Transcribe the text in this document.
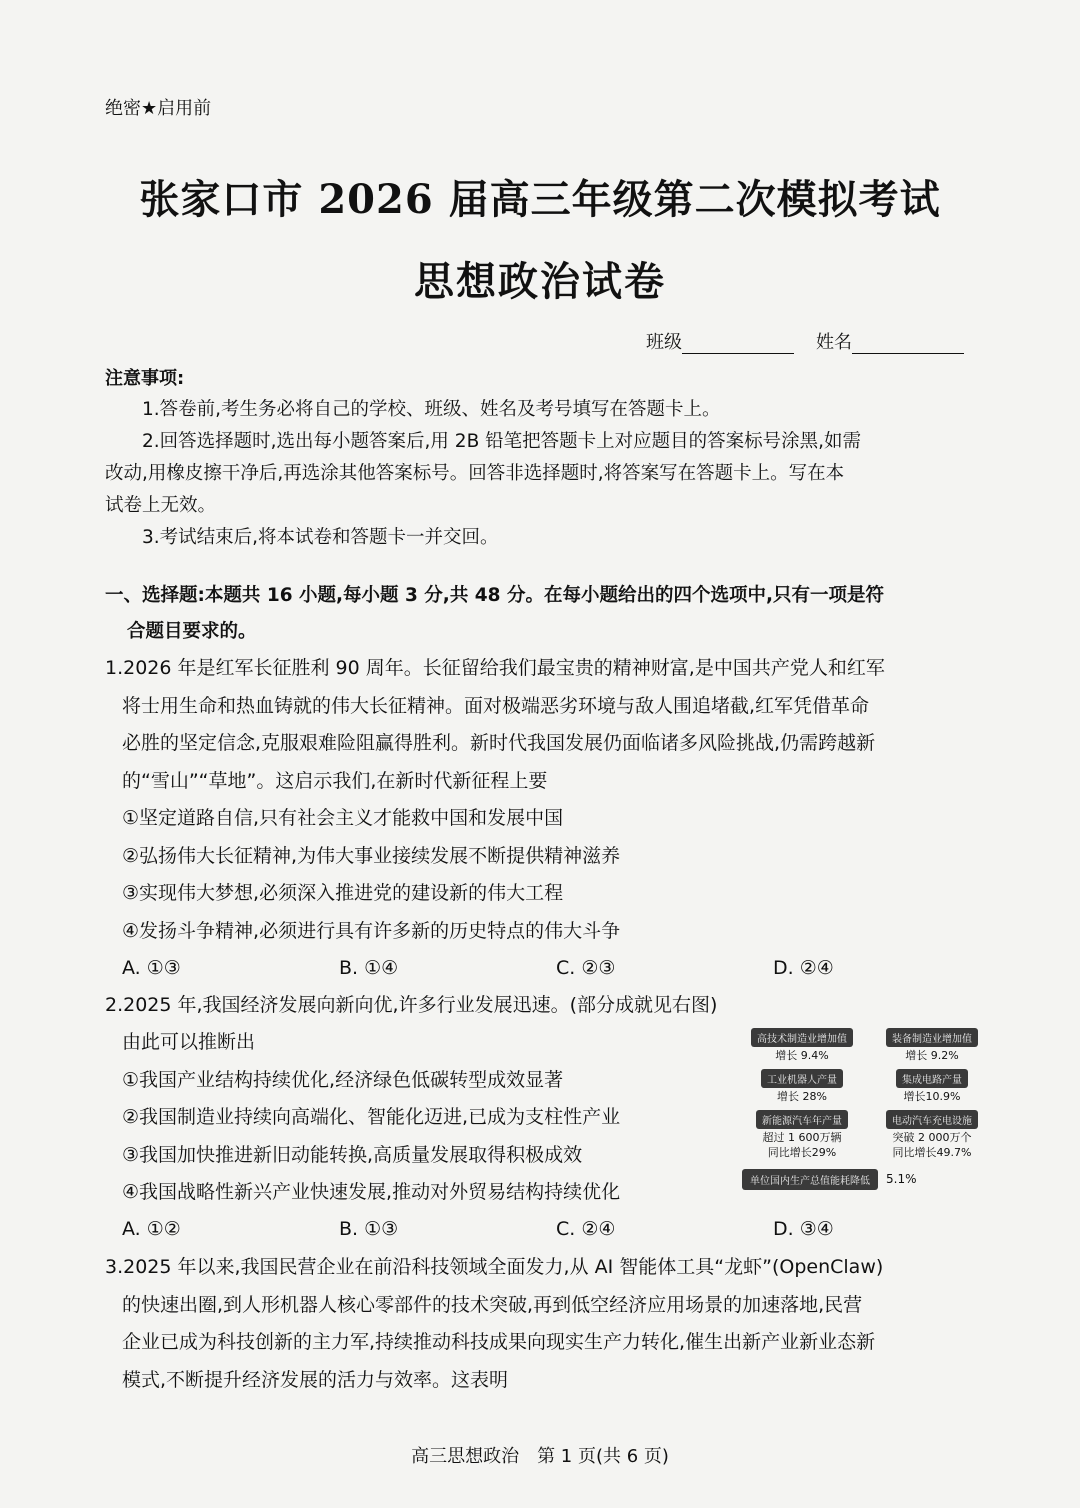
绝密★启用前
张家口市 2026 届高三年级第二次模拟考试
思想政治试卷
班级	姓名
注意事项:
1.答卷前,考生务必将自己的学校、班级、姓名及考号填写在答题卡上。
2.回答选择题时,选出每小题答案后,用 2B 铅笔把答题卡上对应题目的答案标号涂黑,如需
改动,用橡皮擦干净后,再选涂其他答案标号。回答非选择题时,将答案写在答题卡上。写在本
试卷上无效。
3.考试结束后,将本试卷和答题卡一并交回。
一、选择题:本题共 16 小题,每小题 3 分,共 48 分。在每小题给出的四个选项中,只有一项是符
合题目要求的。
1.2026 年是红军长征胜利 90 周年。长征留给我们最宝贵的精神财富,是中国共产党人和红军
将士用生命和热血铸就的伟大长征精神。面对极端恶劣环境与敌人围追堵截,红军凭借革命
必胜的坚定信念,克服艰难险阻赢得胜利。新时代我国发展仍面临诸多风险挑战,仍需跨越新
的“雪山”“草地”。这启示我们,在新时代新征程上要
①坚定道路自信,只有社会主义才能救中国和发展中国
②弘扬伟大长征精神,为伟大事业接续发展不断提供精神滋养
③实现伟大梦想,必须深入推进党的建设新的伟大工程
④发扬斗争精神,必须进行具有许多新的历史特点的伟大斗争
A. ①③	B. ①④	C. ②③	D. ②④
2.2025 年,我国经济发展向新向优,许多行业发展迅速。(部分成就见右图)
由此可以推断出
①我国产业结构持续优化,经济绿色低碳转型成效显著
②我国制造业持续向高端化、智能化迈进,已成为支柱性产业
③我国加快推进新旧动能转换,高质量发展取得积极成效
④我国战略性新兴产业快速发展,推动对外贸易结构持续优化
A. ①②	B. ①③	C. ②④	D. ③④
高技术制造业增加值
增长 9.4%
装备制造业增加值
增长 9.2%
工业机器人产量
增长 28%
集成电路产量
增长10.9%
新能源汽车年产量
超过 1 600万辆
同比增长29%
电动汽车充电设施
突破 2 000万个
同比增长49.7%
单位国内生产总值能耗降低	5.1%
3.2025 年以来,我国民营企业在前沿科技领域全面发力,从 AI 智能体工具“龙虾”(OpenClaw)
的快速出圈,到人形机器人核心零部件的技术突破,再到低空经济应用场景的加速落地,民营
企业已成为科技创新的主力军,持续推动科技成果向现实生产力转化,催生出新产业新业态新
模式,不断提升经济发展的活力与效率。这表明
高三思想政治　第 1 页(共 6 页)
